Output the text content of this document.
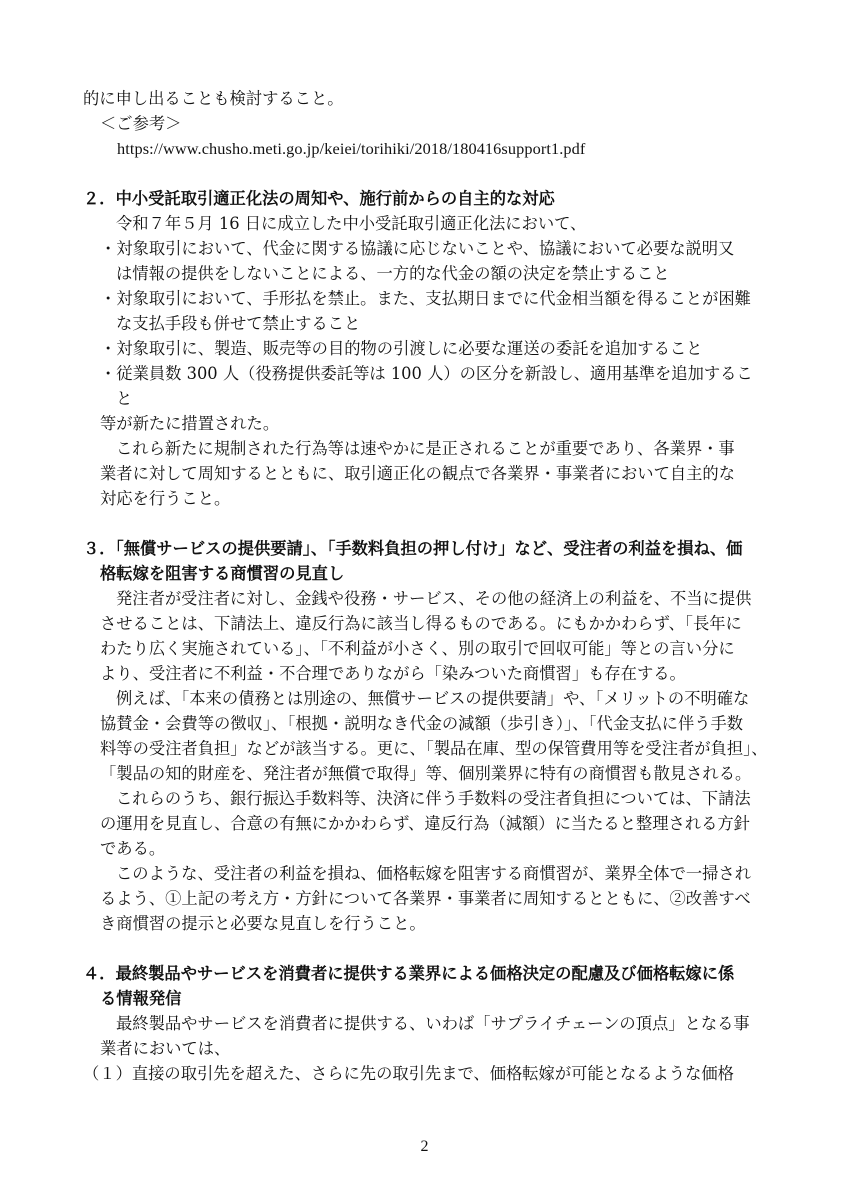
的に申し出ることも検討すること。
＜ご参考＞
https://www.chusho.meti.go.jp/keiei/torihiki/2018/180416support1.pdf
２．中小受託取引適正化法の周知や、施行前からの自主的な対応
令和７年５月 16 日に成立した中小受託取引適正化法において、
・対象取引において、代金に関する協議に応じないことや、協議において必要な説明又
は情報の提供をしないことによる、一方的な代金の額の決定を禁止すること
・対象取引において、手形払を禁止。また、支払期日までに代金相当額を得ることが困難
な支払手段も併せて禁止すること
・対象取引に、製造、販売等の目的物の引渡しに必要な運送の委託を追加すること
・従業員数 300 人（役務提供委託等は 100 人）の区分を新設し、適用基準を追加するこ
と
等が新たに措置された。
これら新たに規制された行為等は速やかに是正されることが重要であり、各業界・事
業者に対して周知するとともに、取引適正化の観点で各業界・事業者において自主的な
対応を行うこと。
３．「無償サービスの提供要請」、「手数料負担の押し付け」など、受注者の利益を損ね、価
格転嫁を阻害する商慣習の見直し
発注者が受注者に対し、金銭や役務・サービス、その他の経済上の利益を、不当に提供
させることは、下請法上、違反行為に該当し得るものである。にもかかわらず、「長年に
わたり広く実施されている」、「不利益が小さく、別の取引で回収可能」等との言い分に
より、受注者に不利益・不合理でありながら「染みついた商慣習」も存在する。
例えば、「本来の債務とは別途の、無償サービスの提供要請」や、「メリットの不明確な
協賛金・会費等の徴収」、「根拠・説明なき代金の減額（歩引き）」、「代金支払に伴う手数
料等の受注者負担」などが該当する。更に、「製品在庫、型の保管費用等を受注者が負担」、
「製品の知的財産を、発注者が無償で取得」等、個別業界に特有の商慣習も散見される。
これらのうち、銀行振込手数料等、決済に伴う手数料の受注者負担については、下請法
の運用を見直し、合意の有無にかかわらず、違反行為（減額）に当たると整理される方針
である。
このような、受注者の利益を損ね、価格転嫁を阻害する商慣習が、業界全体で一掃され
るよう、①上記の考え方・方針について各業界・事業者に周知するとともに、②改善すべ
き商慣習の提示と必要な見直しを行うこと。
４．最終製品やサービスを消費者に提供する業界による価格決定の配慮及び価格転嫁に係
る情報発信
最終製品やサービスを消費者に提供する、いわば「サプライチェーンの頂点」となる事
業者においては、
（１）直接の取引先を超えた、さらに先の取引先まで、価格転嫁が可能となるような価格
2
